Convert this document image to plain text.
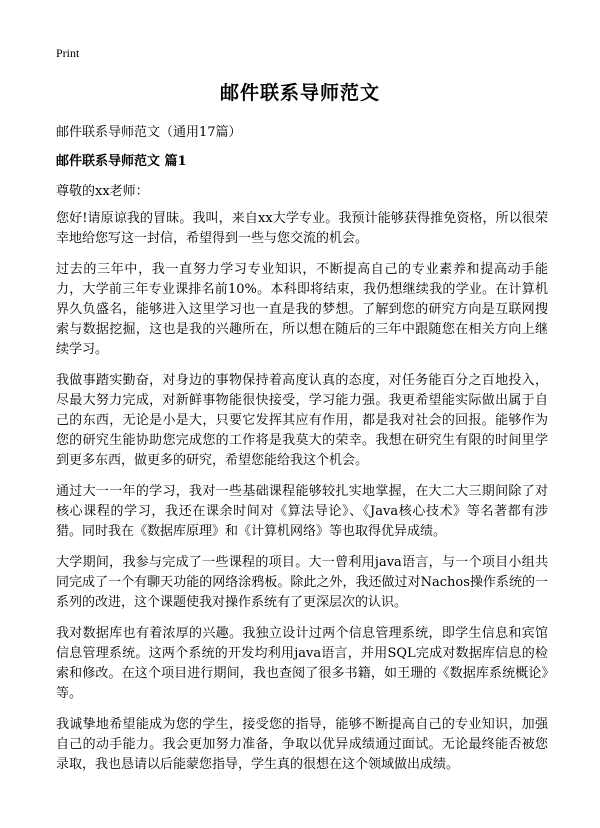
Print
邮件联系导师范文
邮件联系导师范文（通用17篇）
邮件联系导师范文 篇1
尊敬的xx老师：

您好!请原谅我的冒昧。我叫，来自xx大学专业。我预计能够获得推免资格，所以很荣幸地给您写这一封信，希望得到一些与您交流的机会。

过去的三年中，我一直努力学习专业知识，不断提高自己的专业素养和提高动手能力，大学前三年专业课排名前10%。本科即将结束，我仍想继续我的学业。在计算机界久负盛名，能够进入这里学习也一直是我的梦想。了解到您的研究方向是互联网搜索与数据挖掘，这也是我的兴趣所在，所以想在随后的三年中跟随您在相关方向上继续学习。

我做事踏实勤奋，对身边的事物保持着高度认真的态度，对任务能百分之百地投入，尽最大努力完成，对新鲜事物能很快接受，学习能力强。我更希望能实际做出属于自己的东西，无论是小是大，只要它发挥其应有作用，都是我对社会的回报。能够作为您的研究生能协助您完成您的工作将是我莫大的荣幸。我想在研究生有限的时间里学到更多东西，做更多的研究，希望您能给我这个机会。

通过大一一年的学习，我对一些基础课程能够较扎实地掌握，在大二大三期间除了对核心课程的学习，我还在课余时间对《算法导论》、《Java核心技术》等名著都有涉猎。同时我在《数据库原理》和《计算机网络》等也取得优异成绩。

大学期间，我参与完成了一些课程的项目。大一曾利用java语言，与一个项目小组共同完成了一个有聊天功能的网络涂鸦板。除此之外，我还做过对Nachos操作系统的一系列的改进，这个课题使我对操作系统有了更深层次的认识。

我对数据库也有着浓厚的兴趣。我独立设计过两个信息管理系统，即学生信息和宾馆信息管理系统。这两个系统的开发均利用java语言，并用SQL完成对数据库信息的检索和修改。在这个项目进行期间，我也查阅了很多书籍，如王珊的《数据库系统概论》等。

我诚挚地希望能成为您的学生，接受您的指导，能够不断提高自己的专业知识，加强自己的动手能力。我会更加努力准备，争取以优异成绩通过面试。无论最终能否被您录取，我也恳请以后能蒙您指导，学生真的很想在这个领域做出成绩。
